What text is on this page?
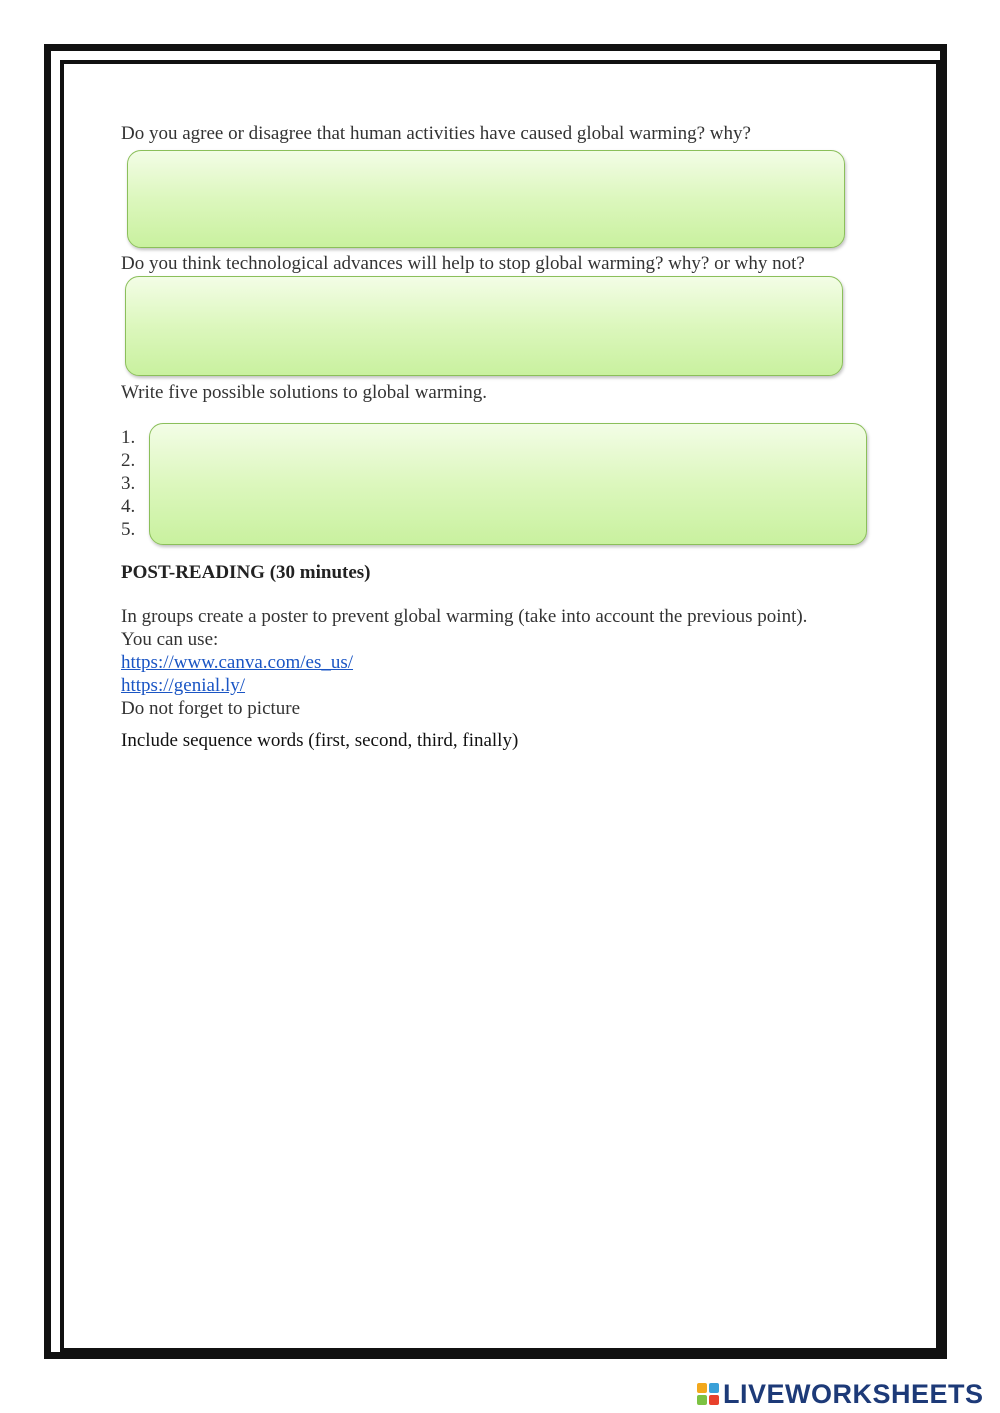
Do you agree or disagree that human activities have caused global warming? why?
Do you think technological advances will help to stop global warming? why? or why not?
Write five possible solutions to global warming.
1.
2.
3.
4.
5.
POST-READING (30 minutes)
In groups create a poster to prevent global warming (take into account the previous point).
You can use:
https://www.canva.com/es_us/
https://genial.ly/
Do not forget to picture
Include sequence words (first, second, third, finally)
LIVEWORKSHEETS
